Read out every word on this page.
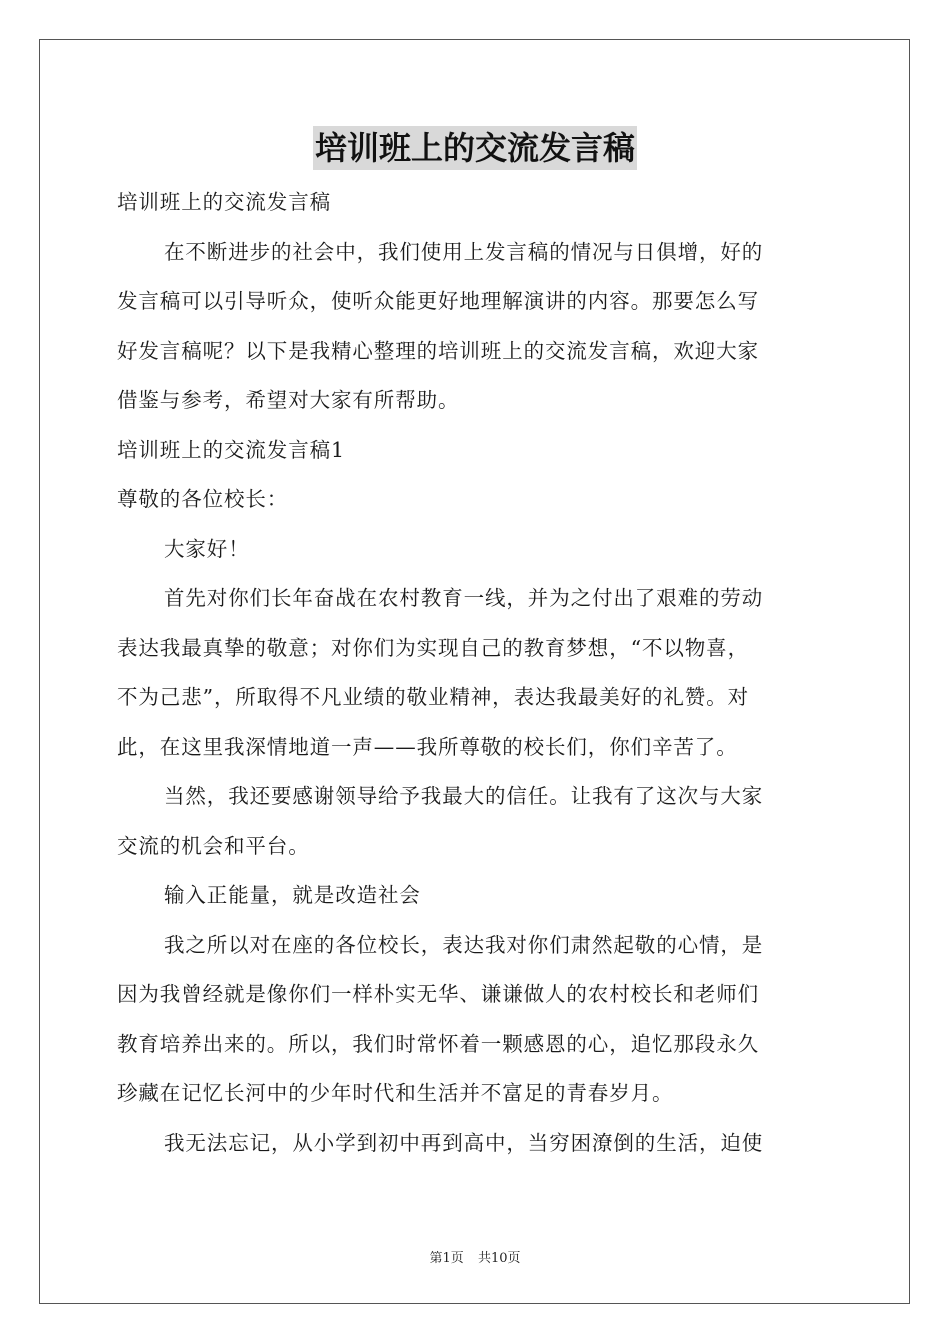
培训班上的交流发言稿
培训班上的交流发言稿
在不断进步的社会中，我们使用上发言稿的情况与日俱增，好的
发言稿可以引导听众，使听众能更好地理解演讲的内容。那要怎么写
好发言稿呢？以下是我精心整理的培训班上的交流发言稿，欢迎大家
借鉴与参考，希望对大家有所帮助。
培训班上的交流发言稿1
尊敬的各位校长：
大家好！
首先对你们长年奋战在农村教育一线，并为之付出了艰难的劳动
表达我最真挚的敬意；对你们为实现自己的教育梦想，“不以物喜，
不为己悲”，所取得不凡业绩的敬业精神，表达我最美好的礼赞。对
此，在这里我深情地道一声——我所尊敬的校长们，你们辛苦了。
当然，我还要感谢领导给予我最大的信任。让我有了这次与大家
交流的机会和平台。
输入正能量，就是改造社会
我之所以对在座的各位校长，表达我对你们肃然起敬的心情，是
因为我曾经就是像你们一样朴实无华、谦谦做人的农村校长和老师们
教育培养出来的。所以，我们时常怀着一颗感恩的心，追忆那段永久
珍藏在记忆长河中的少年时代和生活并不富足的青春岁月。
我无法忘记，从小学到初中再到高中，当穷困潦倒的生活，迫使
第1页 共10页
